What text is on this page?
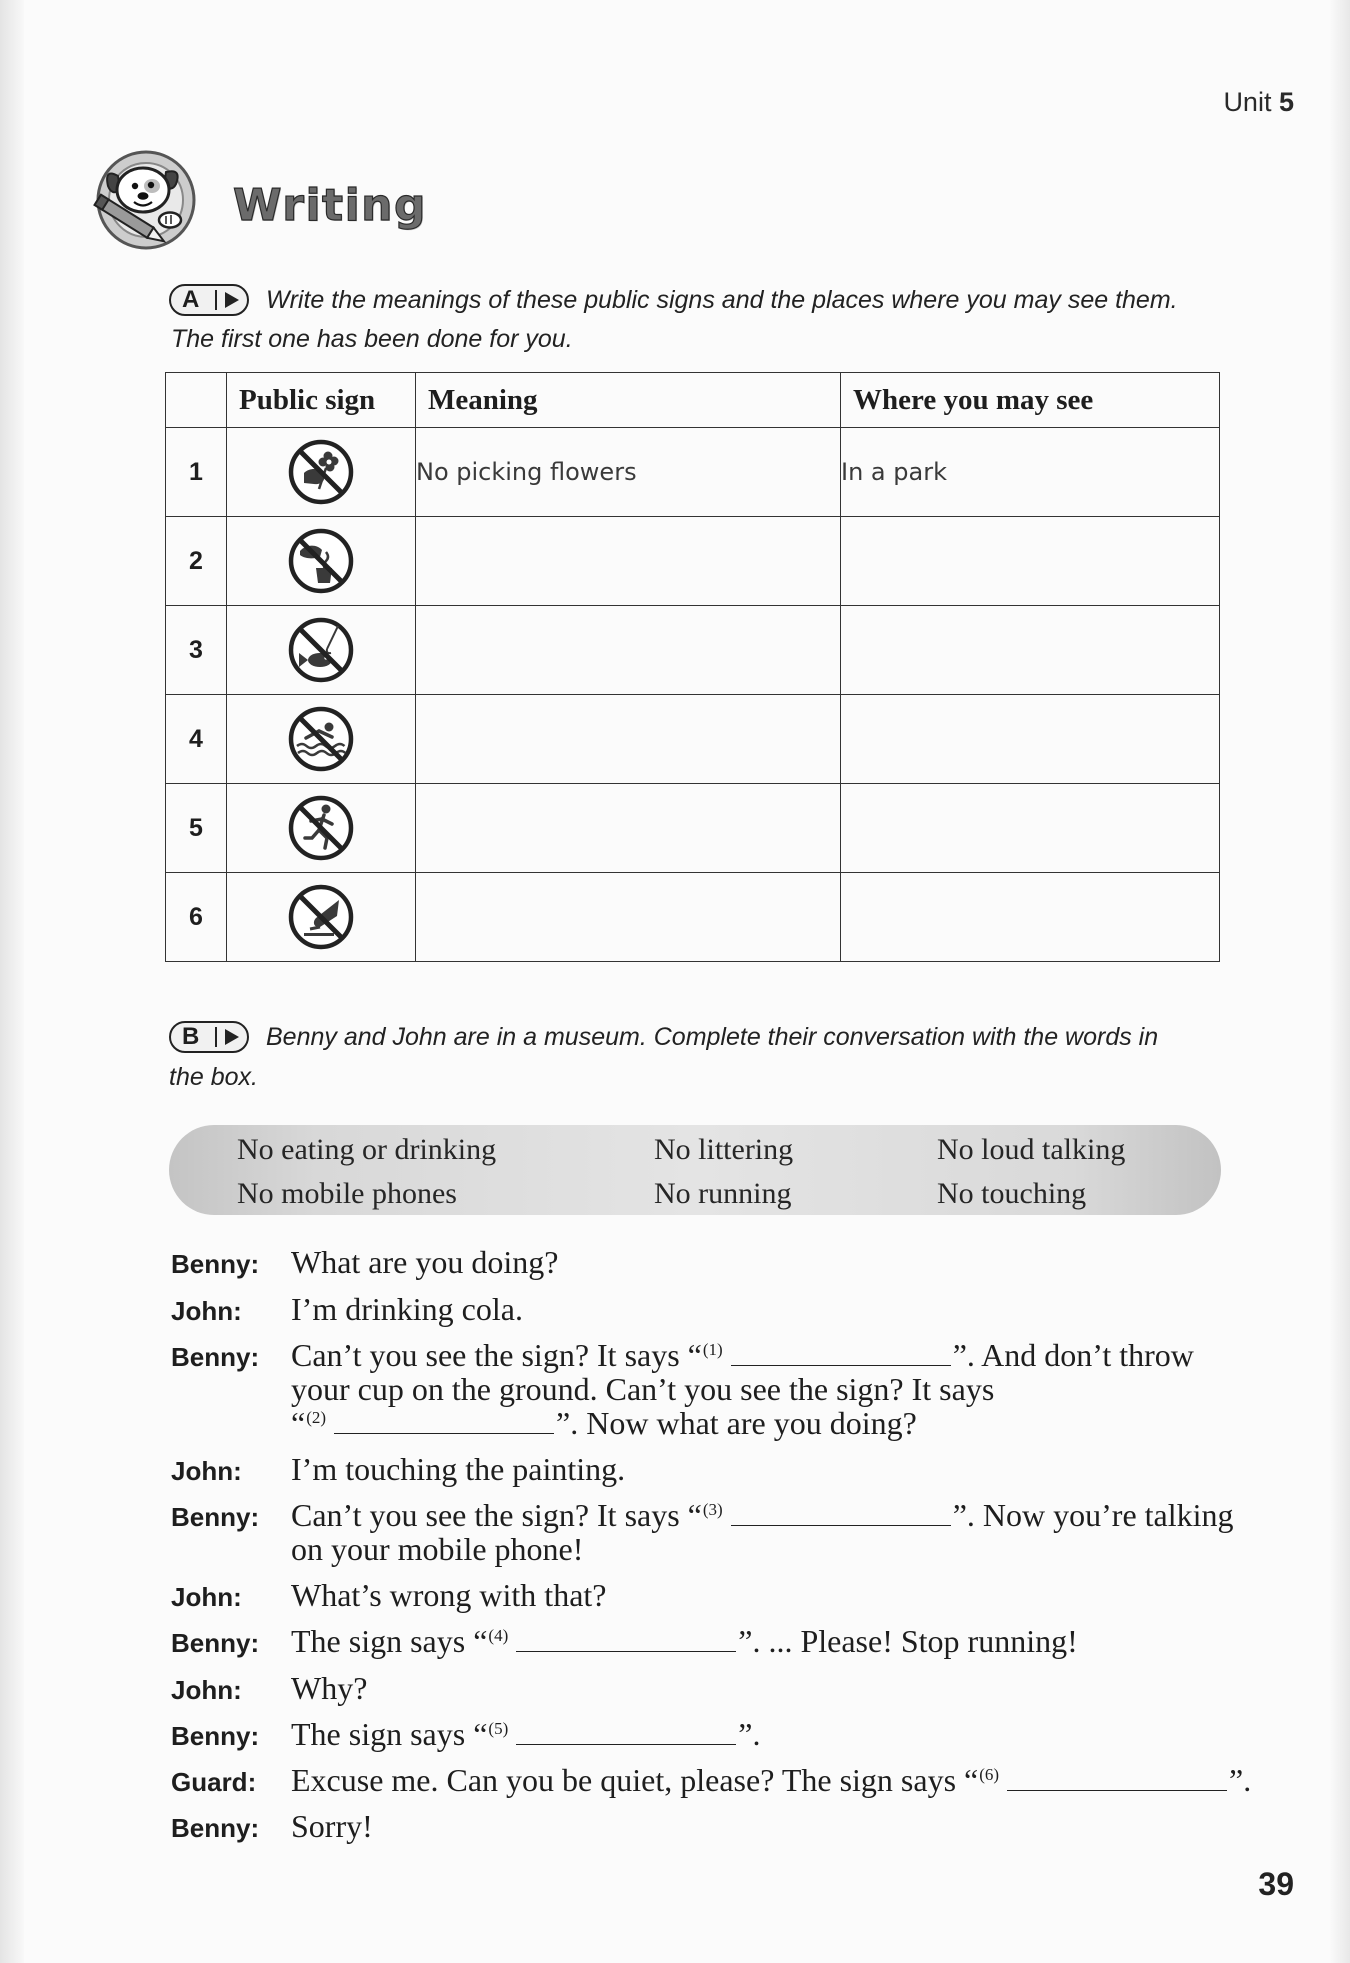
Unit 5
Writing
A	Write the meanings of these public signs and the places where you may see them.
The first one has been done for you.
	Public sign	Meaning	Where you may see
1		No picking flowers	In a park
2			
3			
4			
5			
6			
B	Benny and John are in a museum. Complete their conversation with the words in
the box.
No eating or drinking	No littering	No loud talking
No mobile phones	No running	No touching
Benny: What are you doing?
John:	I’m drinking cola.
Benny: Can’t you see the sign? It says “$^{(1)}$	”. And don’t throw
your cup on the ground. Can’t you see the sign? It says
“$^{(2)}$	”. Now what are you doing?
John:	I’m touching the painting.
Benny: Can’t you see the sign? It says “$^{(3)}$	”. Now you’re talking
on your mobile phone!
John:	What’s wrong with that?
Benny: The sign says “$^{(4)}$	”. ... Please! Stop running!
John:	Why?
Benny: The sign says “$^{(5)}$	”.
Guard:	Excuse me. Can you be quiet, please? The sign says “$^{(6)}$	”.
Benny: Sorry!
39
